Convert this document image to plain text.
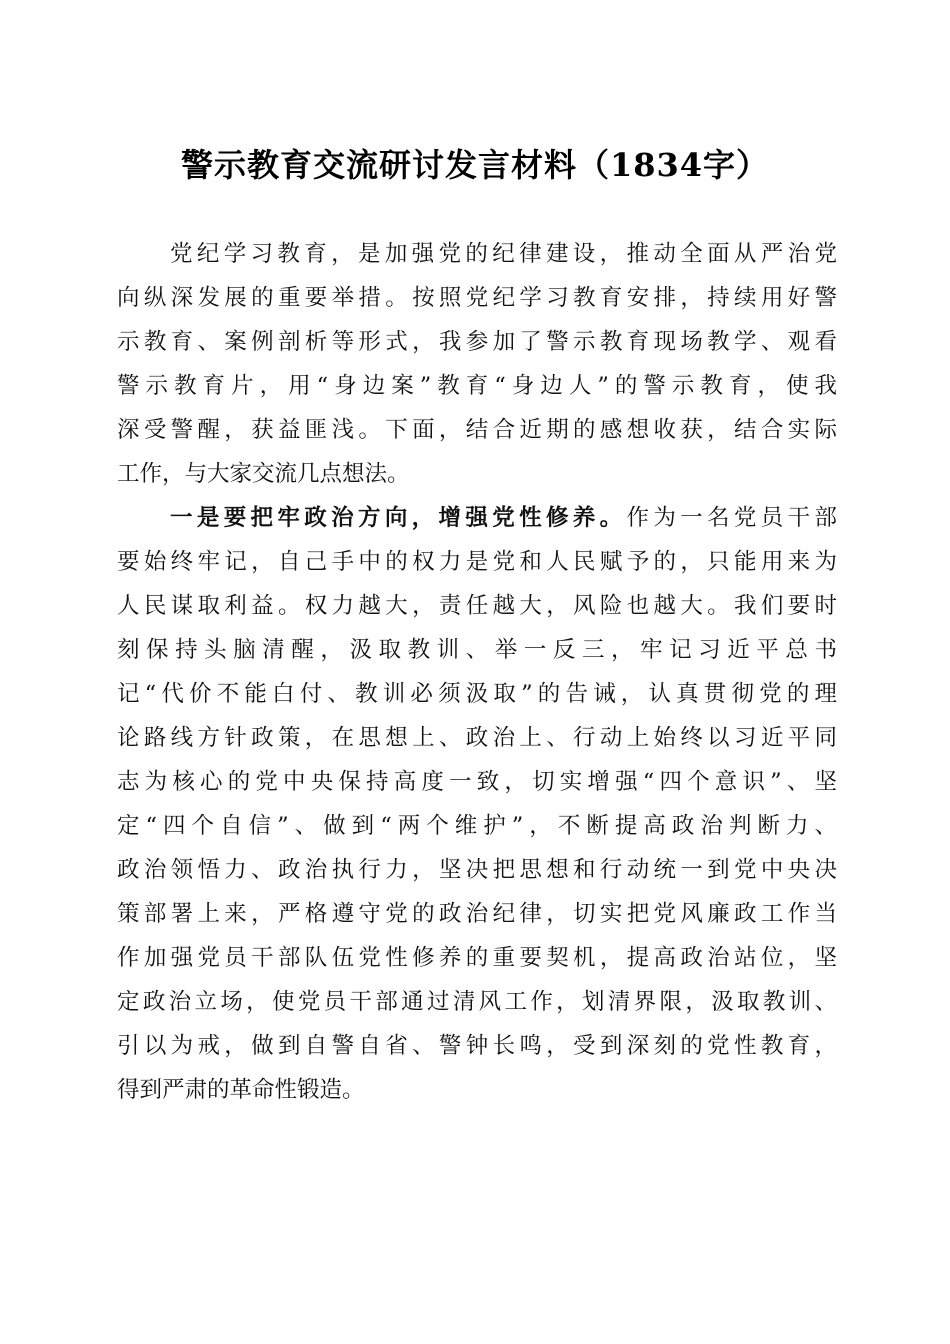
警示教育交流研讨发言材料（1834字）
党纪学习教育，是加强党的纪律建设，推动全面从严治党
向纵深发展的重要举措。按照党纪学习教育安排，持续用好警
示教育、案例剖析等形式，我参加了警示教育现场教学、观看
警示教育片，用“身边案”教育“身边人”的警示教育，使我
深受警醒，获益匪浅。下面，结合近期的感想收获，结合实际
工作，与大家交流几点想法。
一是要把牢政治方向，增强党性修养。作为一名党员干部
要始终牢记，自己手中的权力是党和人民赋予的，只能用来为
人民谋取利益。权力越大，责任越大，风险也越大。我们要时
刻保持头脑清醒，汲取教训、举一反三，牢记习近平总书
记“代价不能白付、教训必须汲取”的告诫，认真贯彻党的理
论路线方针政策，在思想上、政治上、行动上始终以习近平同
志为核心的党中央保持高度一致，切实增强“四个意识”、坚
定“四个自信”、做到“两个维护”，不断提高政治判断力、
政治领悟力、政治执行力，坚决把思想和行动统一到党中央决
策部署上来，严格遵守党的政治纪律，切实把党风廉政工作当
作加强党员干部队伍党性修养的重要契机，提高政治站位，坚
定政治立场，使党员干部通过清风工作，划清界限，汲取教训、
引以为戒，做到自警自省、警钟长鸣，受到深刻的党性教育，
得到严肃的革命性锻造。
